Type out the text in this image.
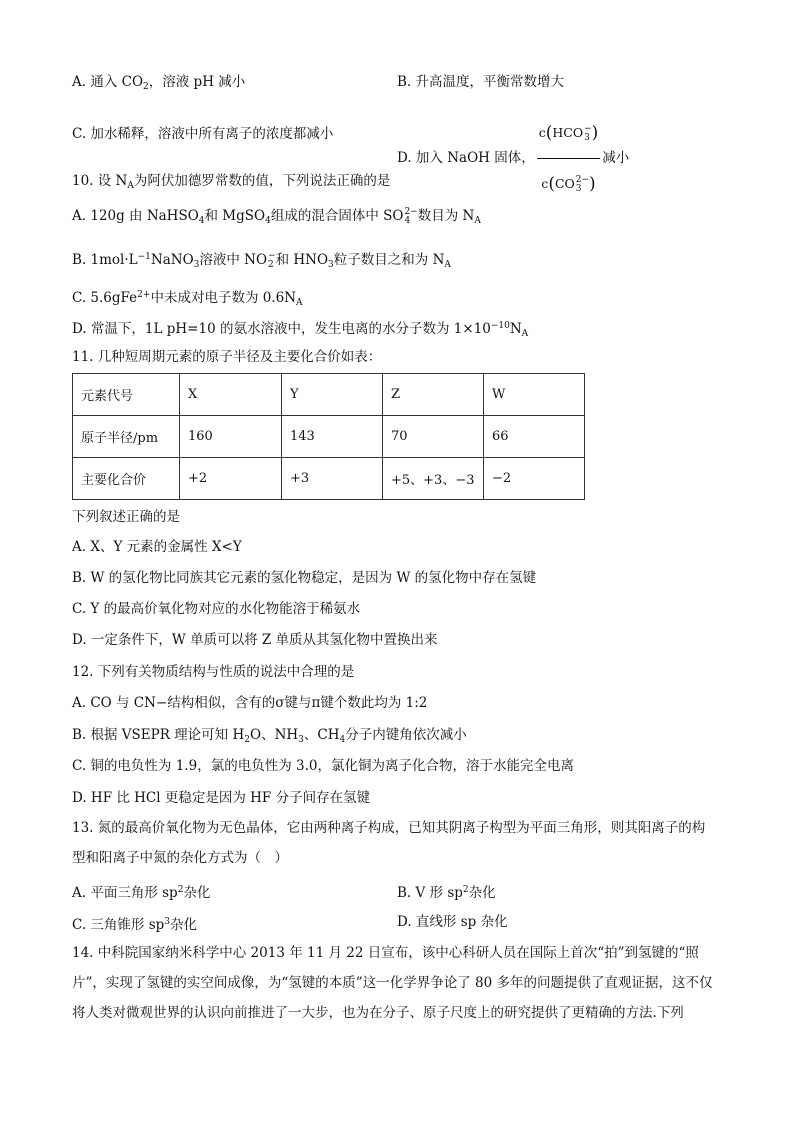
A. 通入 $CO_2$，溶液 pH 减小	B. 升高温度，平衡常数增大
C. 加水稀释，溶液中所有离子的浓度都减小
D. 加入 NaOH 固体， c(HCO −
3 )
c(CO 2−
3 ) 减小
10. 设 $N_A$为阿伏加德罗常数的值，下列说法正确的是
A. 120g 由 NaHSO$_4$和 MgSO$_4$组成的混合固体中 SO 2−
4 数目为 $N_A$
B. $1mol\cdot L^{-1}NaNO_3$溶液中 NO −
2 和 $HNO_3$粒子数目之和为 $N_A$
C. 5.6gFe$^{2+}$中未成对电子数为 $0.6N_A$
D. 常温下，1L pH=10 的氨水溶液中，发生电离的水分子数为 $1\times 10^{-10}N_A$
11. 几种短周期元素的原子半径及主要化合价如表：
元素代号	X	Y	Z	W
原子半径/pm	160	143	70	66
主要化合价	+2	+3	+5、+3、−3	−2
下列叙述正确的是
A. X、Y 元素的金属性 X<Y
B. W 的氢化物比同族其它元素的氢化物稳定，是因为 W 的氢化物中存在氢键
C. Y 的最高价氧化物对应的水化物能溶于稀氨水
D. 一定条件下，W 单质可以将 Z 单质从其氢化物中置换出来
12. 下列有关物质结构与性质的说法中合理的是
A. CO 与 CN−结构相似，含有的σ键与π键个数此均为 1:2
B. 根据 VSEPR 理论可知 $H_2O$、$NH_3$、$CH_4$分子内键角依次减小
C. 铜的电负性为 1.9，氯的电负性为 3.0，氯化铜为离子化合物，溶于水能完全电离
D. HF 比 HCl 更稳定是因为 HF 分子间存在氢键
13. 氮的最高价氧化物为无色晶体，它由两种离子构成，已知其阴离子构型为平面三角形，则其阳离子的构型和阳离子中氮的杂化方式为（　）
A. 平面三角形 $sp^2$杂化	B. V 形 $sp^2$杂化
C. 三角锥形 $sp^3$杂化	D. 直线形 sp 杂化
14. 中科院国家纳米科学中心 2013 年 11 月 22 日宣布，该中心科研人员在国际上首次“拍”到氢键的“照片”，实现了氢键的实空间成像，为“氢键的本质”这一化学界争论了 80 多年的问题提供了直观证据，这不仅将人类对微观世界的认识向前推进了一大步，也为在分子、原子尺度上的研究提供了更精确的方法.下列
